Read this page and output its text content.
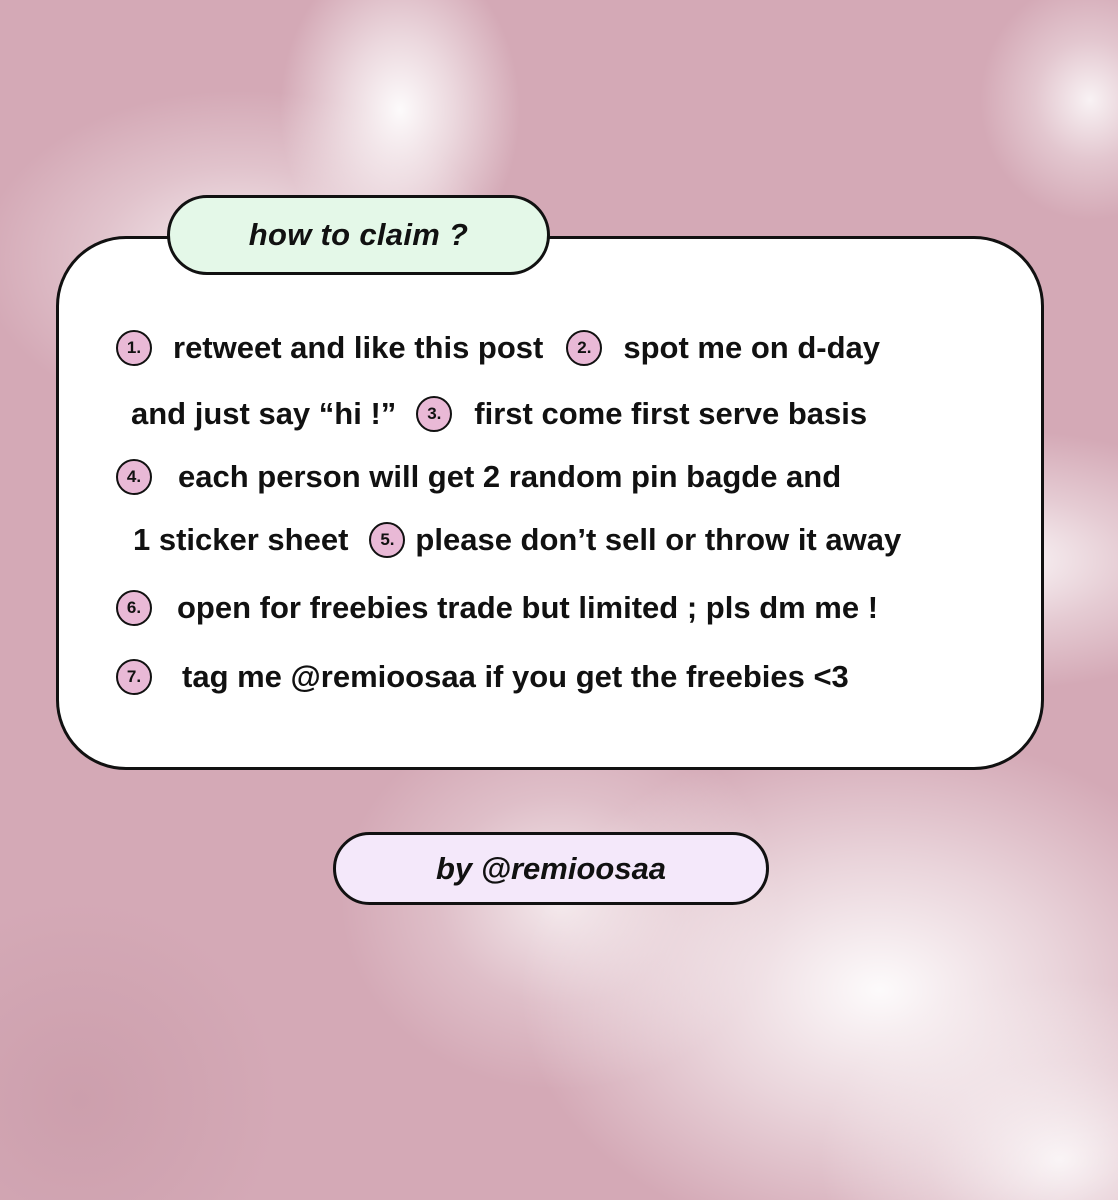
how to claim ?
1.	retweet and like this post	2.	spot me on d-day
and just say “hi !”	3.	first come first serve basis
4.	each person will get 2 random pin bagde and
1 sticker sheet	5. please don’t sell or throw it away
6.	open for freebies trade but limited ; pls dm me !
7.	tag me @remioosaa if you get the freebies <3
by @remioosaa
